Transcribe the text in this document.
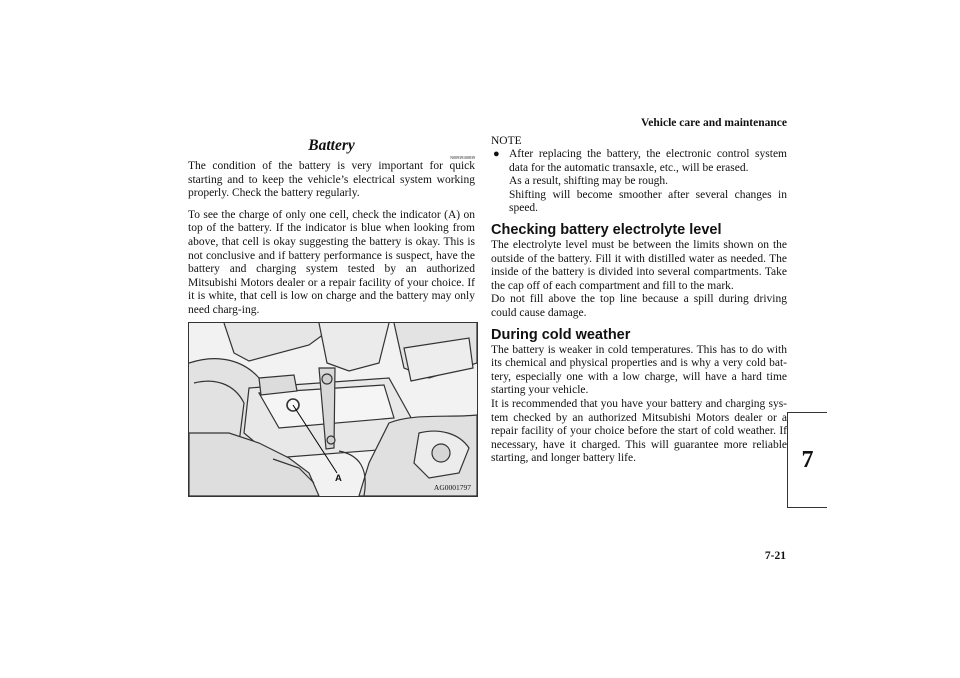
Vehicle care and maintenance
Battery
N00939100839

The condition of the battery is very important for quick starting and to keep the vehicle’s electrical system working properly. Check the battery regularly.

To see the charge of only one cell, check the indicator (A) on top of the battery. If the indicator is blue when looking from above, that cell is okay suggesting the battery is okay. This is not conclusive and if battery performance is suspect, have the battery and charging system tested by an authorized Mitsubishi Motors dealer or a repair facility of your choice. If it is white, that cell is low on charge and the battery may only need charg-ing.

A
AG0001797

NOTE

● After replacing the battery, the electronic control system data for the automatic transaxle, etc., will be erased.

As a result, shifting may be rough.

Shifting will become smoother after several changes in speed.

Checking battery electrolyte level

The electrolyte level must be between the limits shown on the outside of the battery. Fill it with distilled water as needed. The inside of the battery is divided into several compartments. Take the cap off of each compartment and fill to the mark.

Do not fill above the top line because a spill during driving could cause damage.

During cold weather

The battery is weaker in cold temperatures. This has to do with its chemical and physical properties and is why a very cold bat-tery, especially one with a low charge, will have a hard time starting your vehicle.

It is recommended that you have your battery and charging sys-tem checked by an authorized Mitsubishi Motors dealer or a repair facility of your choice before the start of cold weather. If necessary, have it charged. This will guarantee more reliable starting, and longer battery life.	7
7-21
